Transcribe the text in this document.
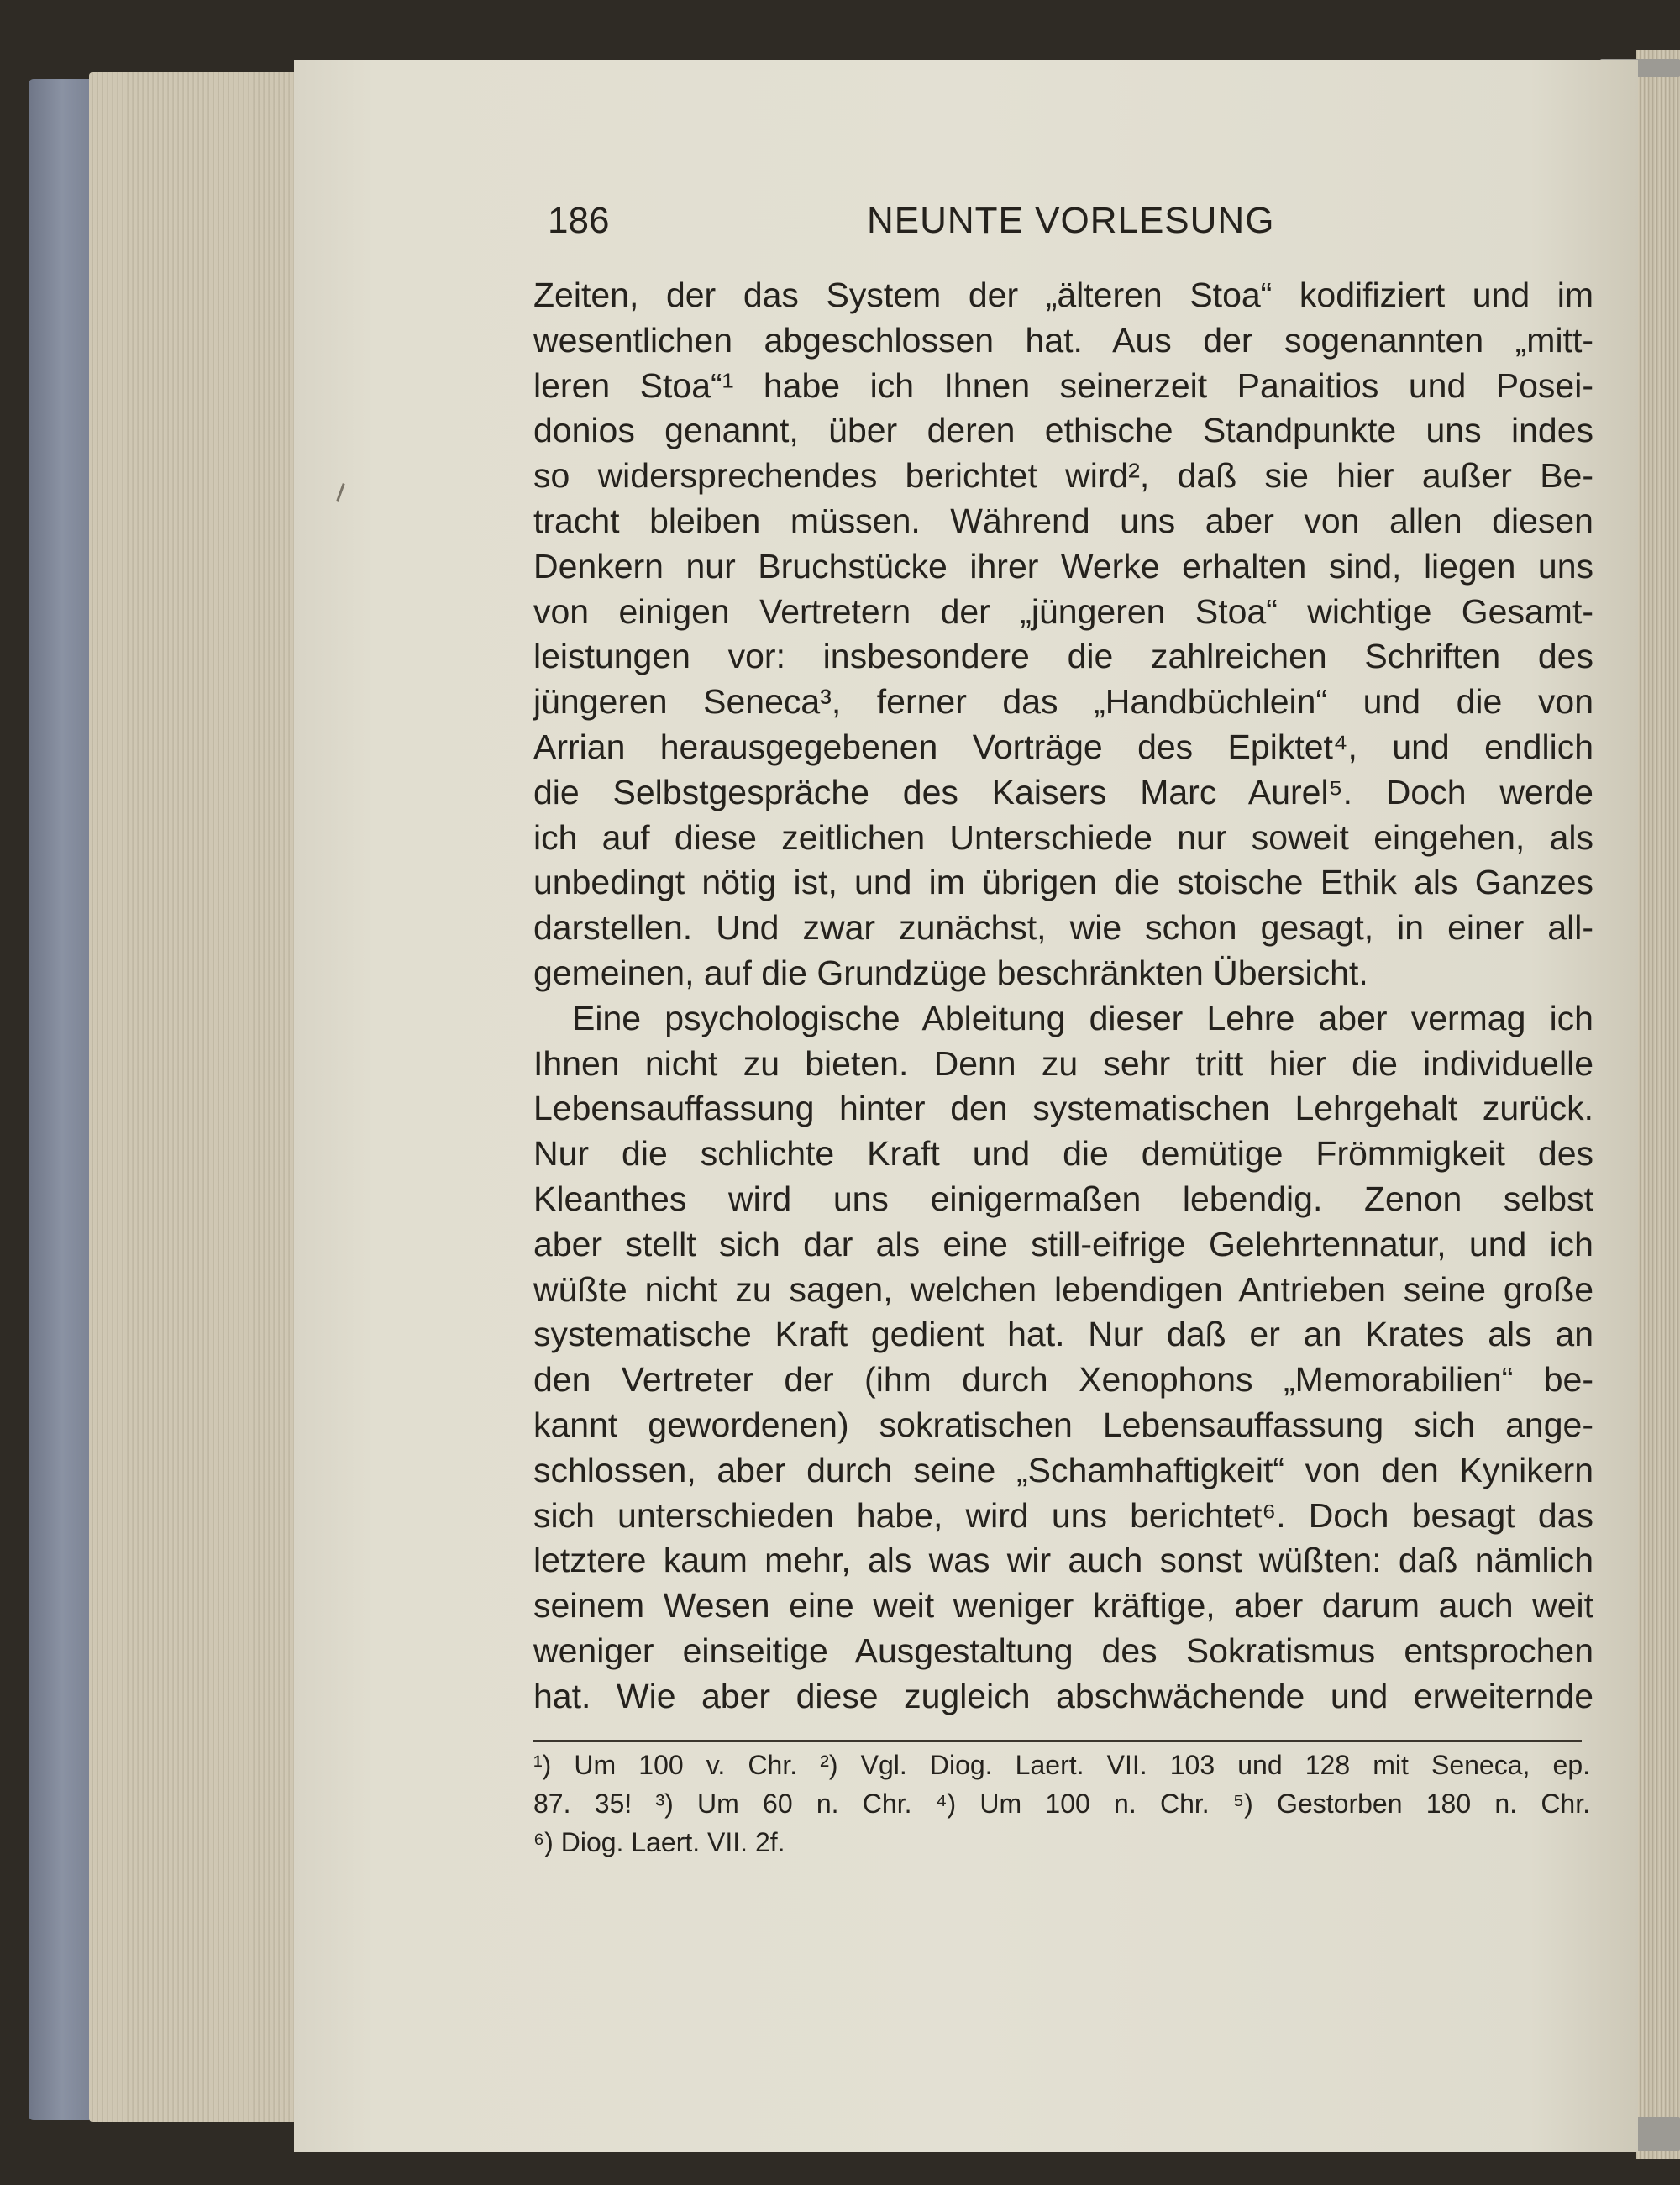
186	NEUNTE VORLESUNG
Zeiten, der das System der „älteren Stoa“ kodifiziert und im
wesentlichen abgeschlossen hat. Aus der sogenannten „mitt-
leren Stoa“¹ habe ich Ihnen seinerzeit Panaitios und Posei-
donios genannt, über deren ethische Standpunkte uns indes
so widersprechendes berichtet wird², daß sie hier außer Be-
tracht bleiben müssen. Während uns aber von allen diesen
Denkern nur Bruchstücke ihrer Werke erhalten sind, liegen uns
von einigen Vertretern der „jüngeren Stoa“ wichtige Gesamt-
leistungen vor: insbesondere die zahlreichen Schriften des
jüngeren Seneca³, ferner das „Handbüchlein“ und die von
Arrian herausgegebenen Vorträge des Epiktet⁴, und endlich
die Selbstgespräche des Kaisers Marc Aurel⁵. Doch werde
ich auf diese zeitlichen Unterschiede nur soweit eingehen, als
unbedingt nötig ist, und im übrigen die stoische Ethik als Ganzes
darstellen. Und zwar zunächst, wie schon gesagt, in einer all-
gemeinen, auf die Grundzüge beschränkten Übersicht.
Eine psychologische Ableitung dieser Lehre aber vermag ich
Ihnen nicht zu bieten. Denn zu sehr tritt hier die individuelle
Lebensauffassung hinter den systematischen Lehrgehalt zurück.
Nur die schlichte Kraft und die demütige Frömmigkeit des
Kleanthes wird uns einigermaßen lebendig. Zenon selbst
aber stellt sich dar als eine still-eifrige Gelehrtennatur, und ich
wüßte nicht zu sagen, welchen lebendigen Antrieben seine große
systematische Kraft gedient hat. Nur daß er an Krates als an
den Vertreter der (ihm durch Xenophons „Memorabilien“ be-
kannt gewordenen) sokratischen Lebensauffassung sich ange-
schlossen, aber durch seine „Schamhaftigkeit“ von den Kynikern
sich unterschieden habe, wird uns berichtet⁶. Doch besagt das
letztere kaum mehr, als was wir auch sonst wüßten: daß nämlich
seinem Wesen eine weit weniger kräftige, aber darum auch weit
weniger einseitige Ausgestaltung des Sokratismus entsprochen
hat. Wie aber diese zugleich abschwächende und erweiternde
¹) Um 100 v. Chr. ²) Vgl. Diog. Laert. VII. 103 und 128 mit Seneca, ep.
87. 35! ³) Um 60 n. Chr. ⁴) Um 100 n. Chr. ⁵) Gestorben 180 n. Chr.
⁶) Diog. Laert. VII. 2f.
